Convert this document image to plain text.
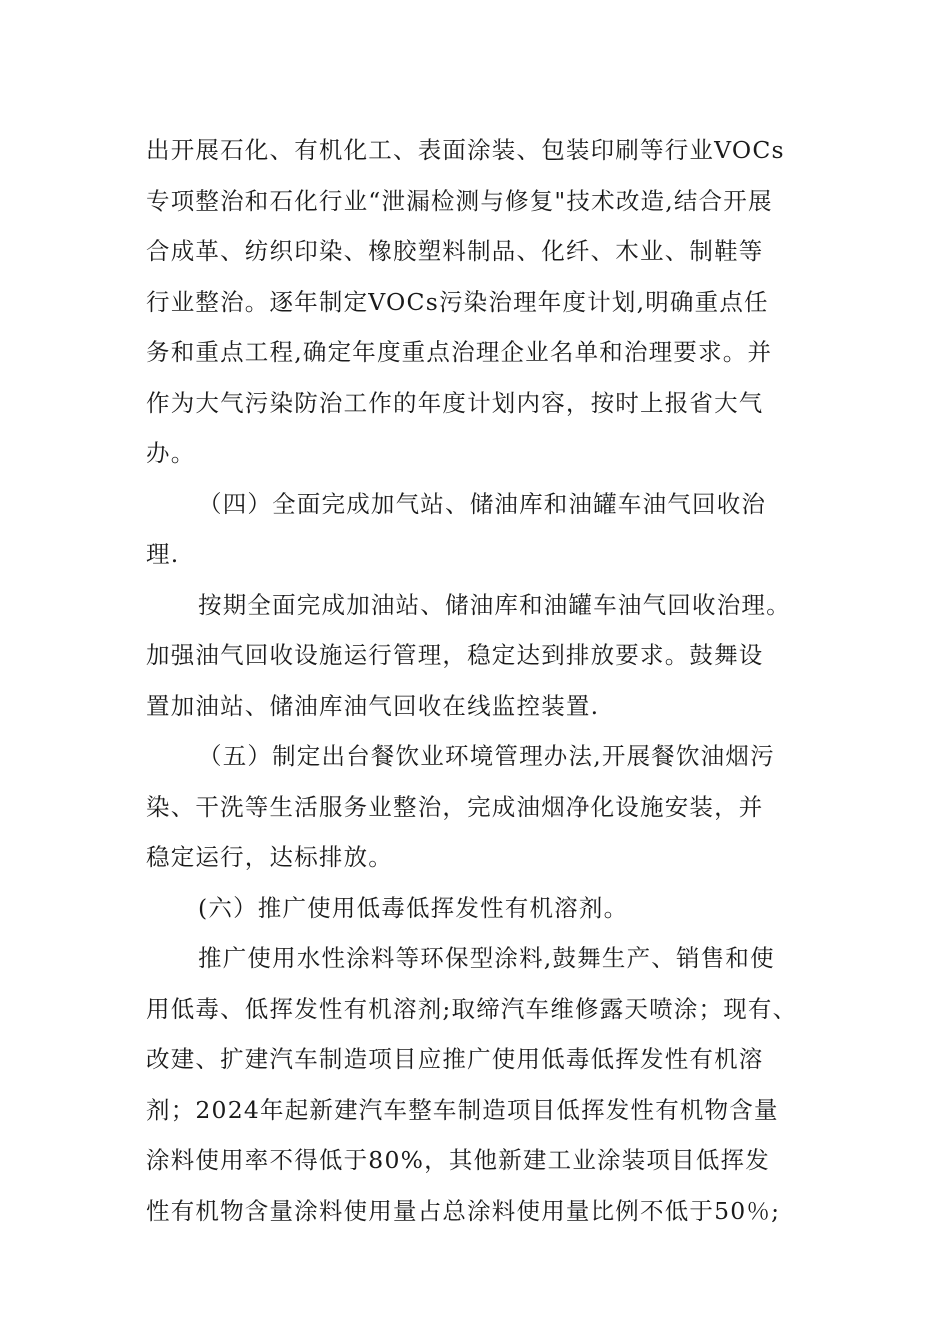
出开展石化、有机化工、表面涂装、包装印刷等行业VOCs
专项整治和石化行业“泄漏检测与修复"技术改造,结合开展
合成革、纺织印染、橡胶塑料制品、化纤、木业、制鞋等
行业整治。逐年制定VOCs污染治理年度计划,明确重点任
务和重点工程,确定年度重点治理企业名单和治理要求。并
作为大气污染防治工作的年度计划内容，按时上报省大气
办。
（四）全面完成加气站、储油库和油罐车油气回收治
理.
按期全面完成加油站、储油库和油罐车油气回收治理。
加强油气回收设施运行管理，稳定达到排放要求。鼓舞设
置加油站、储油库油气回收在线监控装置.
（五）制定出台餐饮业环境管理办法,开展餐饮油烟污
染、干洗等生活服务业整治，完成油烟净化设施安装，并
稳定运行，达标排放。
(六）推广使用低毒低挥发性有机溶剂。
推广使用水性涂料等环保型涂料,鼓舞生产、销售和使
用低毒、低挥发性有机溶剂;取缔汽车维修露天喷涂；现有、
改建、扩建汽车制造项目应推广使用低毒低挥发性有机溶
剂；2024年起新建汽车整车制造项目低挥发性有机物含量
涂料使用率不得低于80%，其他新建工业涂装项目低挥发
性有机物含量涂料使用量占总涂料使用量比例不低于50％;
